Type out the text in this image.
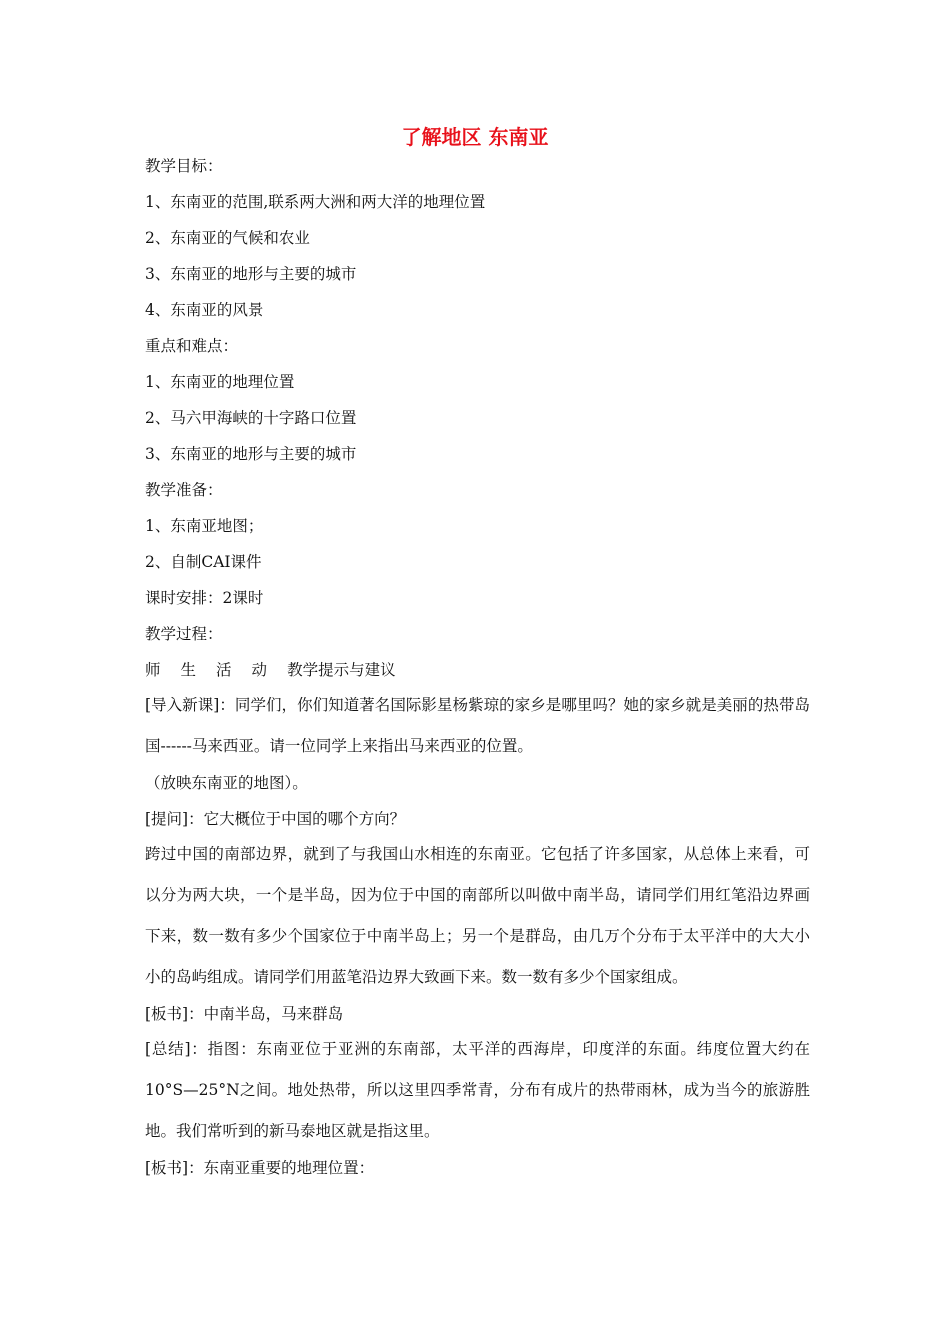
了解地区 东南亚

教学目标：

1、东南亚的范围,联系两大洲和两大洋的地理位置

2、东南亚的气候和农业

3、东南亚的地形与主要的城市

4、东南亚的风景

重点和难点：

1、东南亚的地理位置

2、马六甲海峡的十字路口位置

3、东南亚的地形与主要的城市

教学准备：

1、东南亚地图；

2、自制CAI课件

课时安排：2课时

教学过程：

师 生 活 动 教学提示与建议

[导入新课]：同学们，你们知道著名国际影星杨紫琼的家乡是哪里吗？她的家乡就是美丽的热带岛国------马来西亚。请一位同学上来指出马来西亚的位置。

（放映东南亚的地图）。

[提问]：它大概位于中国的哪个方向？

跨过中国的南部边界，就到了与我国山水相连的东南亚。它包括了许多国家，从总体上来看，可以分为两大块，一个是半岛，因为位于中国的南部所以叫做中南半岛，请同学们用红笔沿边界画下来，数一数有多少个国家位于中南半岛上；另一个是群岛，由几万个分布于太平洋中的大大小小的岛屿组成。请同学们用蓝笔沿边界大致画下来。数一数有多少个国家组成。

[板书]：中南半岛，马来群岛

[总结]：指图：东南亚位于亚洲的东南部，太平洋的西海岸，印度洋的东面。纬度位置大约在10°S—25°N之间。地处热带，所以这里四季常青，分布有成片的热带雨林，成为当今的旅游胜地。我们常听到的新马泰地区就是指这里。

[板书]：东南亚重要的地理位置：
